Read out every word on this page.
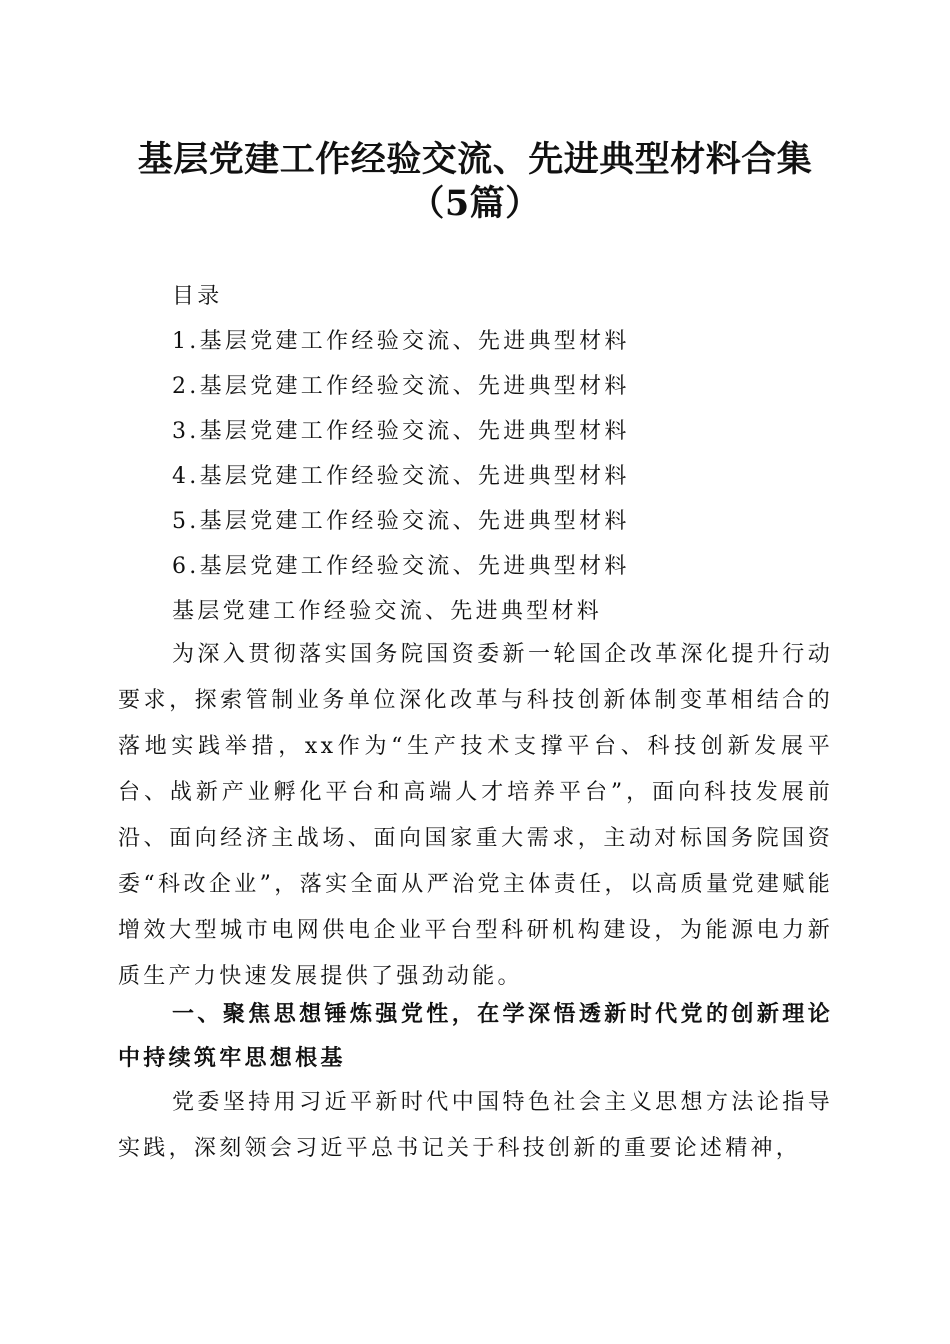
基层党建工作经验交流、先进典型材料合集
（5篇）
目录
1.基层党建工作经验交流、先进典型材料
2.基层党建工作经验交流、先进典型材料
3.基层党建工作经验交流、先进典型材料
4.基层党建工作经验交流、先进典型材料
5.基层党建工作经验交流、先进典型材料
6.基层党建工作经验交流、先进典型材料
基层党建工作经验交流、先进典型材料

为深入贯彻落实国务院国资委新一轮国企改革深化提升行动要求，探索管制业务单位深化改革与科技创新体制变革相结合的落地实践举措，xx作为“生产技术支撑平台、科技创新发展平台、战新产业孵化平台和高端人才培养平台”，面向科技发展前沿、面向经济主战场、面向国家重大需求，主动对标国务院国资委“科改企业”，落实全面从严治党主体责任，以高质量党建赋能增效大型城市电网供电企业平台型科研机构建设，为能源电力新质生产力快速发展提供了强劲动能。

一、聚焦思想锤炼强党性，在学深悟透新时代党的创新理论中持续筑牢思想根基

党委坚持用习近平新时代中国特色社会主义思想方法论指导实践，深刻领会习近平总书记关于科技创新的重要论述精神，
